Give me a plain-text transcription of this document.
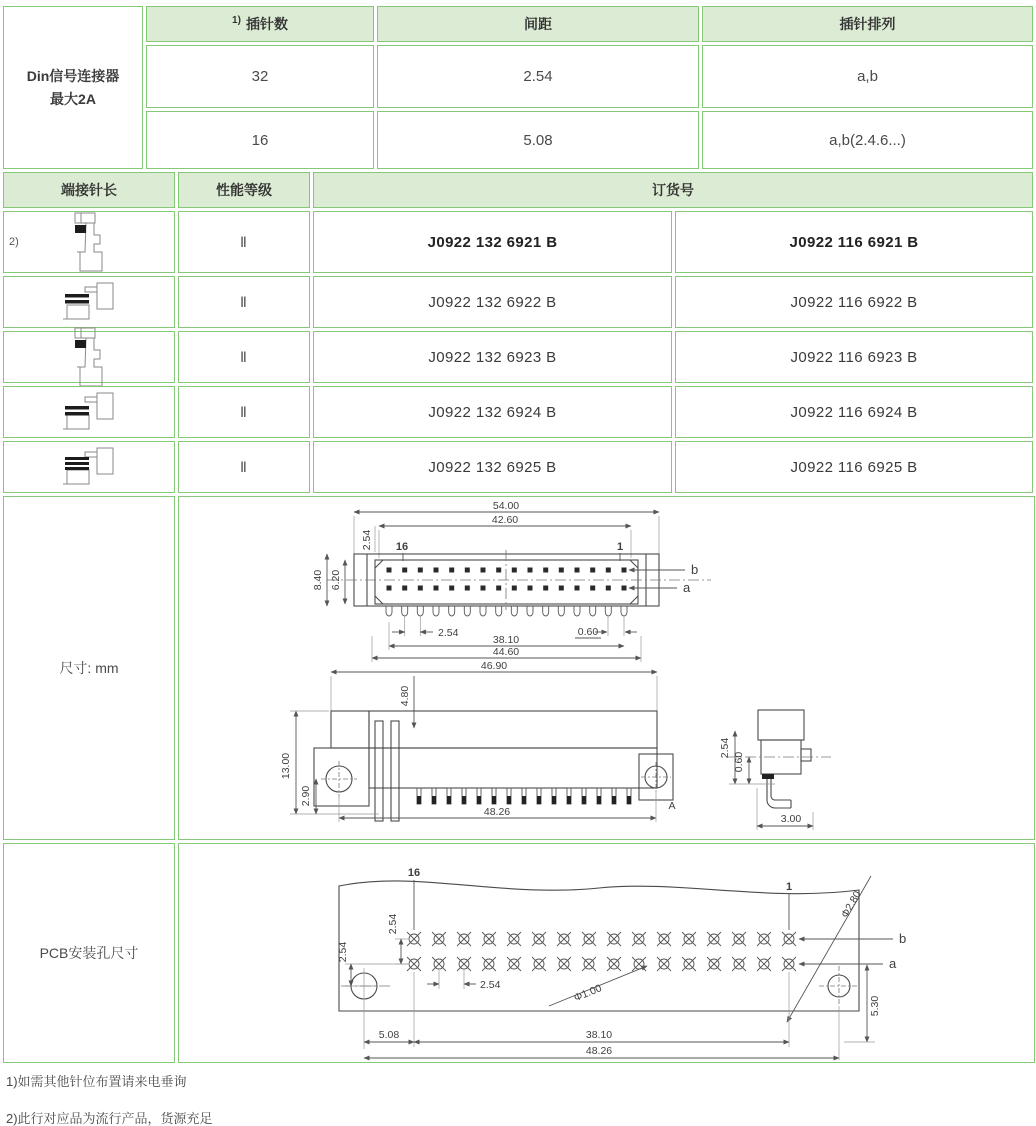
Din信号连接器
最大2A
1) 插针数	间距	插针排列
32	2.54	a,b
16	5.08	a,b(2.4.6...)
端接针长	性能等级	订货号
2)	Ⅱ	J0922 132 6921 B	J0922 116 6921 B
Ⅱ	J0922 132 6922 B	J0922 116 6922 B
Ⅱ	J0922 132 6923 B	J0922 116 6923 B
Ⅱ	J0922 132 6924 B	J0922 116 6924 B
Ⅱ	J0922 132 6925 B	J0922 116 6925 B
尺寸: mm
54.00
42.60
2.54 16	1
8.40 6.20
b
a
2.54	0.60
38.10
44.60
46.90
4.80
A
13.00
2.90
48.26
2.54
0.60
3.00
PCB安装孔尺寸
16
1
2.54
2.54
2.54	Φ1.00
Φ2.80
b
a
5.30
5.08	38.10
48.26
1)如需其他针位布置请来电垂询
2)此行对应品为流行产品，货源充足
